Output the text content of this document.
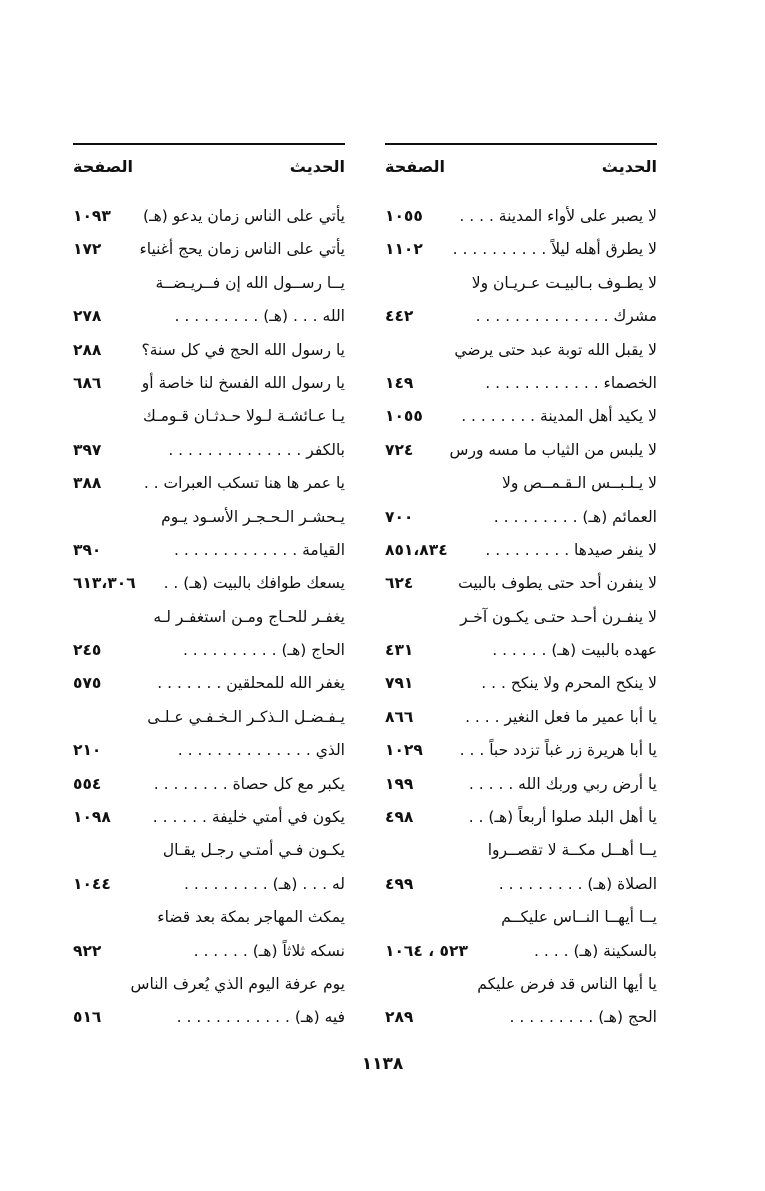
الحديث
الصفحة
لا يصبر على لأواء المدينة . . . .
١٠٥٥
لا يطرق أهله ليلاً . . . . . . . . . .
١١٠٢
لا يطـوف بـالبيـت عـريـان ولا
مشرك . . . . . . . . . . . . . .
٤٤٢
لا يقبل الله توبة عبد حتى يرضي
الخصماء . . . . . . . . . . . .
١٤٩
لا يكيد أهل المدينة . . . . . . . .
١٠٥٥
لا يلبس من الثياب ما مسه ورس
٧٢٤
لا يـلـبــس الـقـمــص ولا
العمائم (هـ) . . . . . . . . .
٧٠٠
لا ينفر صيدها . . . . . . . . .
٨٥١،٨٣٤
لا ينفرن أحد حتى يطوف بالبيت
٦٢٤
لا ينفـرن أحـد حتـى يكـون آخـر
عهده بالبيت (هـ) . . . . . .
٤٣١
لا ينكح المحرم ولا ينكح . . .
٧٩١
يا أبا عمير ما فعل النغير . . . .
٨٦٦
يا أبا هريرة زر غباً تزدد حباً . . .
١٠٢٩
يا أرض ربي وربك الله . . . . .
١٩٩
يا أهل البلد صلوا أربعاً (هـ) . .
٤٩٨
يــا أهــل مكــة لا تقصــروا
الصلاة (هـ) . . . . . . . . .
٤٩٩
يــا أيهــا النــاس عليكــم
بالسكينة (هـ) . . . .
٥٢٣ ، ١٠٦٤
يا أيها الناس قد فرض عليكم
الحج (هـ) . . . . . . . . .
٢٨٩
الحديث
الصفحة
يأتي على الناس زمان يدعو (هـ)
١٠٩٣
يأتي على الناس زمان يحج أغنياء
١٧٢
يــا رســول الله إن فــريـضــة
الله . . . (هـ) . . . . . . . . .
٢٧٨
يا رسول الله الحج في كل سنة؟
٢٨٨
يا رسول الله الفسخ لنا خاصة أو
٦٨٦
يـا عـائشـة لـولا حـدثـان قـومـك
بالكفر . . . . . . . . . . . . . .
٣٩٧
يا عمر ها هنا تسكب العبرات . .
٣٨٨
يـحشـر الـحـجـر الأسـود يـوم
القيامة . . . . . . . . . . . . .
٣٩٠
يسعك طوافك بالبيت (هـ) . .
٦١٣،٣٠٦
يغفـر للحـاج ومـن استغفـر لـه
الحاج (هـ) . . . . . . . . . .
٢٤٥
يغفر الله للمحلقين . . . . . . .
٥٧٥
يـفـضـل الـذكـر الـخـفـي عـلـى
الذي . . . . . . . . . . . . . .
٢١٠
يكبر مع كل حصاة . . . . . . . .
٥٥٤
يكون في أمتي خليفة . . . . . .
١٠٩٨
يكـون فـي أمتـي رجـل يقـال
له . . . (هـ) . . . . . . . . .
١٠٤٤
يمكث المهاجر بمكة بعد قضاء
نسكه ثلاثاً (هـ) . . . . . .
٩٢٢
يوم عرفة اليوم الذي يُعرف الناس
فيه (هـ) . . . . . . . . . . . .
٥١٦
١١٣٨
